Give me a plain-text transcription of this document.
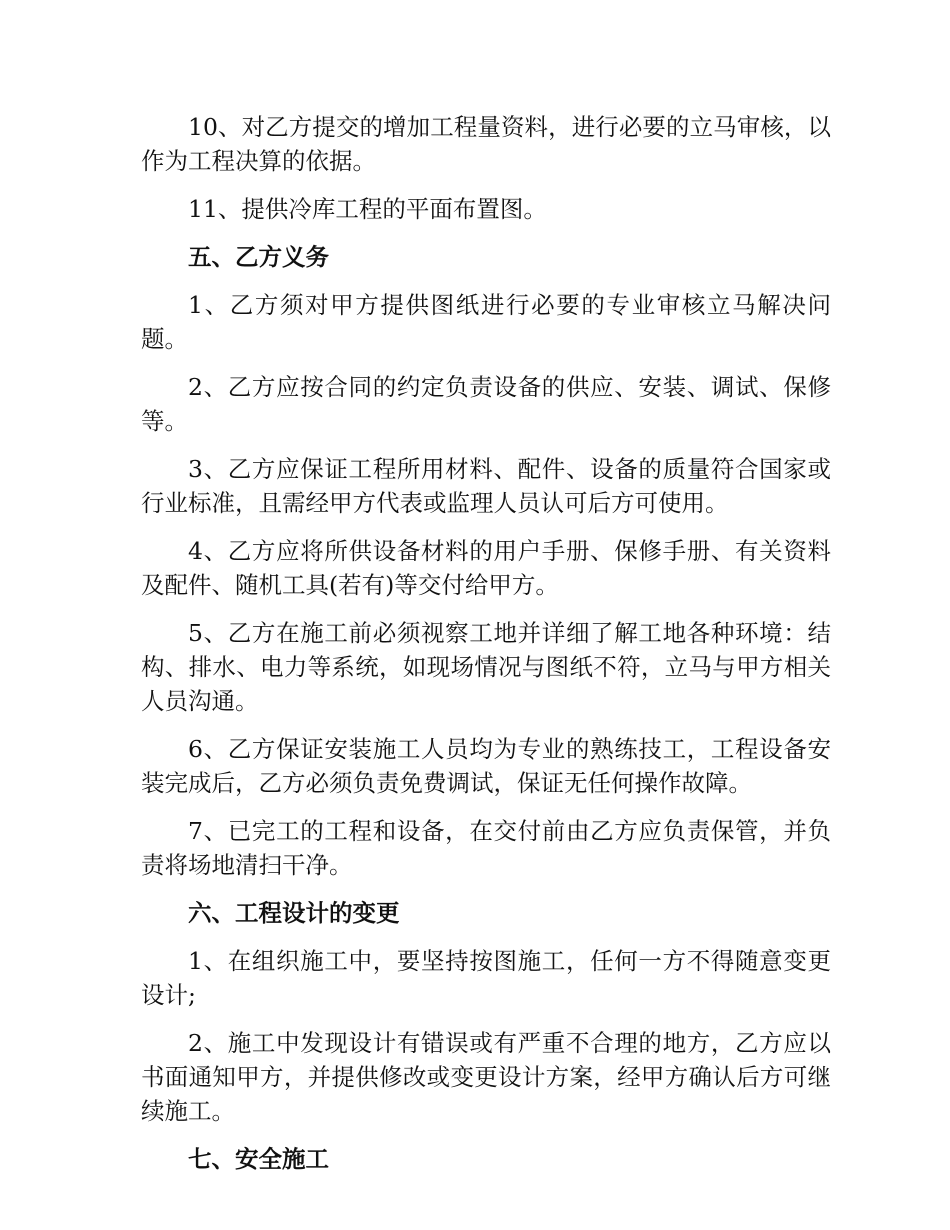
10、对乙方提交的增加工程量资料，进行必要的立马审核，以作为工程决算的依据。

11、提供冷库工程的平面布置图。

五、乙方义务

1、乙方须对甲方提供图纸进行必要的专业审核立马解决问题。

2、乙方应按合同的约定负责设备的供应、安装、调试、保修等。

3、乙方应保证工程所用材料、配件、设备的质量符合国家或行业标准，且需经甲方代表或监理人员认可后方可使用。

4、乙方应将所供设备材料的用户手册、保修手册、有关资料及配件、随机工具(若有)等交付给甲方。

5、乙方在施工前必须视察工地并详细了解工地各种环境：结构、排水、电力等系统，如现场情况与图纸不符，立马与甲方相关人员沟通。

6、乙方保证安装施工人员均为专业的熟练技工，工程设备安装完成后，乙方必须负责免费调试，保证无任何操作故障。

7、已完工的工程和设备，在交付前由乙方应负责保管，并负责将场地清扫干净。

六、工程设计的变更

1、在组织施工中，要坚持按图施工，任何一方不得随意变更设计;

2、施工中发现设计有错误或有严重不合理的地方，乙方应以书面通知甲方，并提供修改或变更设计方案，经甲方确认后方可继续施工。

七、安全施工
